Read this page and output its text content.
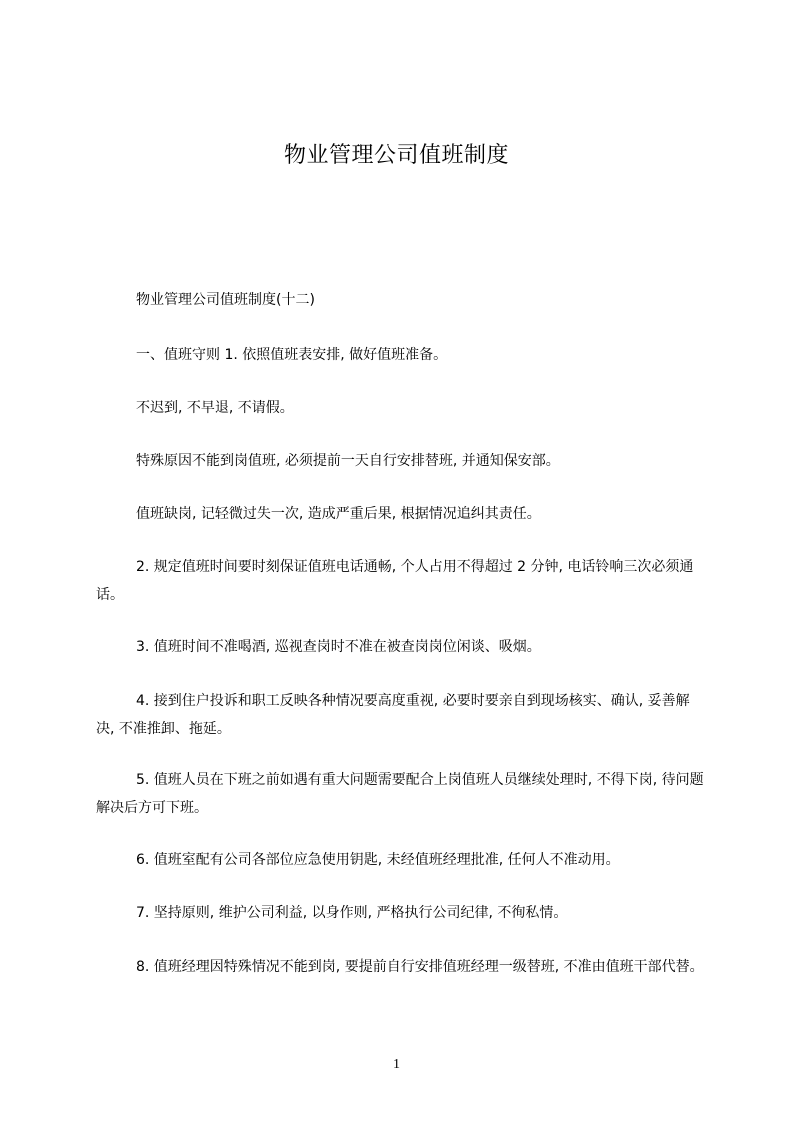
物业管理公司值班制度

物业管理公司值班制度(十二)

一、值班守则 1. 依照值班表安排, 做好值班准备。

不迟到, 不早退, 不请假。

特殊原因不能到岗值班, 必须提前一天自行安排替班, 并通知保安部。

值班缺岗, 记轻微过失一次, 造成严重后果, 根据情况追纠其责任。

2. 规定值班时间要时刻保证值班电话通畅, 个人占用不得超过 2 分钟, 电话铃响三次必须通话。

3. 值班时间不准喝酒, 巡视查岗时不准在被查岗岗位闲谈、吸烟。

4. 接到住户投诉和职工反映各种情况要高度重视, 必要时要亲自到现场核实、确认, 妥善解决, 不准推卸、拖延。

5. 值班人员在下班之前如遇有重大问题需要配合上岗值班人员继续处理时, 不得下岗, 待问题解决后方可下班。

6. 值班室配有公司各部位应急使用钥匙, 未经值班经理批准, 任何人不准动用。

7. 坚持原则, 维护公司利益, 以身作则, 严格执行公司纪律, 不徇私情。

8. 值班经理因特殊情况不能到岗, 要提前自行安排值班经理一级替班, 不准由值班干部代替。

1
